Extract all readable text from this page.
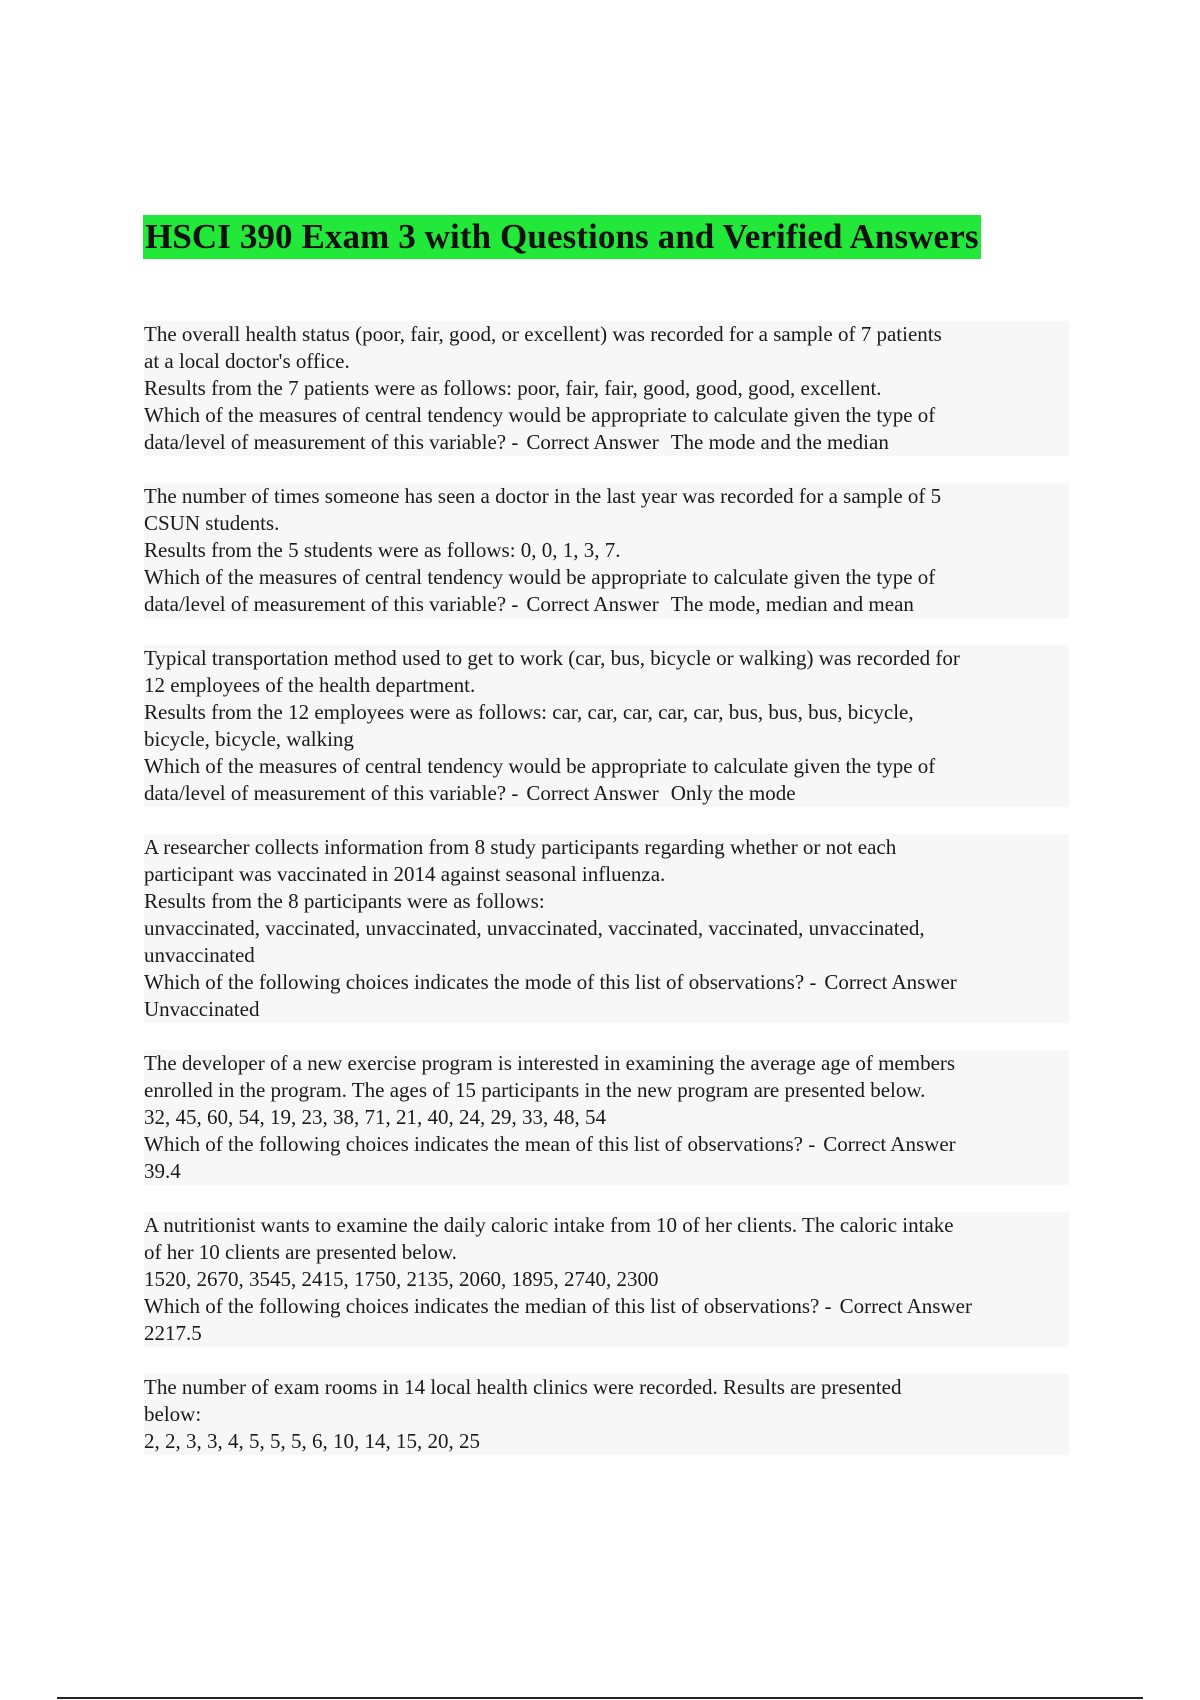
HSCI 390 Exam 3 with Questions and Verified Answers
The overall health status (poor, fair, good, or excellent) was recorded for a sample of 7 patients
at a local doctor's office.
Results from the 7 patients were as follows: poor, fair, fair, good, good, good, excellent.
Which of the measures of central tendency would be appropriate to calculate given the type of
data/level of measurement of this variable? - Correct Answer The mode and the median
The number of times someone has seen a doctor in the last year was recorded for a sample of 5
CSUN students.
Results from the 5 students were as follows: 0, 0, 1, 3, 7.
Which of the measures of central tendency would be appropriate to calculate given the type of
data/level of measurement of this variable? - Correct Answer The mode, median and mean
Typical transportation method used to get to work (car, bus, bicycle or walking) was recorded for
12 employees of the health department.
Results from the 12 employees were as follows: car, car, car, car, car, bus, bus, bus, bicycle,
bicycle, bicycle, walking
Which of the measures of central tendency would be appropriate to calculate given the type of
data/level of measurement of this variable? - Correct Answer Only the mode
A researcher collects information from 8 study participants regarding whether or not each
participant was vaccinated in 2014 against seasonal influenza.
Results from the 8 participants were as follows:
unvaccinated, vaccinated, unvaccinated, unvaccinated, vaccinated, vaccinated, unvaccinated,
unvaccinated
Which of the following choices indicates the mode of this list of observations? - Correct Answer
Unvaccinated
The developer of a new exercise program is interested in examining the average age of members
enrolled in the program. The ages of 15 participants in the new program are presented below.
32, 45, 60, 54, 19, 23, 38, 71, 21, 40, 24, 29, 33, 48, 54
Which of the following choices indicates the mean of this list of observations? - Correct Answer
39.4
A nutritionist wants to examine the daily caloric intake from 10 of her clients. The caloric intake
of her 10 clients are presented below.
1520, 2670, 3545, 2415, 1750, 2135, 2060, 1895, 2740, 2300
Which of the following choices indicates the median of this list of observations? - Correct Answer
2217.5
The number of exam rooms in 14 local health clinics were recorded. Results are presented
below:
2, 2, 3, 3, 4, 5, 5, 5, 6, 10, 14, 15, 20, 25
